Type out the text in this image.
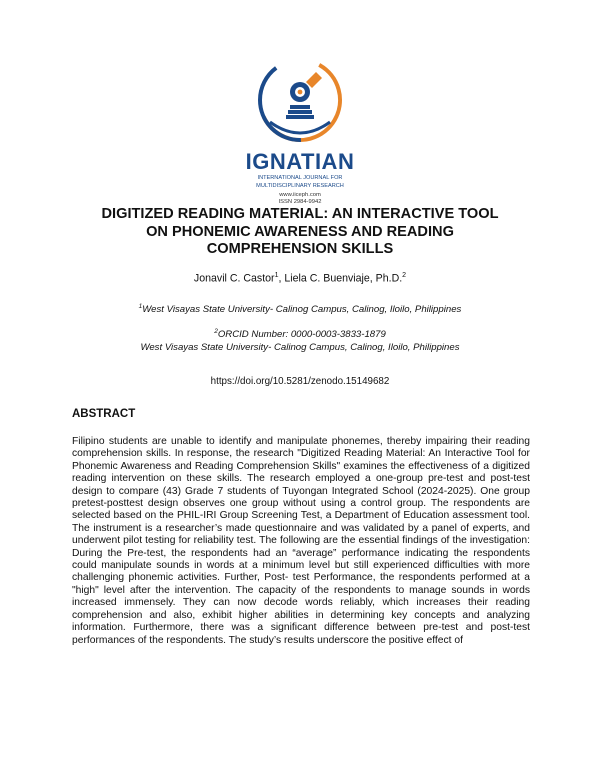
IGNATIAN
INTERNATIONAL JOURNAL FOR
MULTIDISCIPLINARY RESEARCH
www.iiceph.com
ISSN 2984-9942
DIGITIZED READING MATERIAL: AN INTERACTIVE TOOL
ON PHONEMIC AWARENESS AND READING
COMPREHENSION SKILLS
Jonavil C. Castor$^1$, Liela C. Buenviaje, Ph.D.$^2$
$^1$West Visayas State University- Calinog Campus, Calinog, Iloilo, Philippines
$^2$ORCID Number: 0000-0003-3833-1879
West Visayas State University- Calinog Campus, Calinog, Iloilo, Philippines
https://doi.org/10.5281/zenodo.15149682
ABSTRACT

Filipino students are unable to identify and manipulate phonemes, thereby impairing their reading comprehension skills. In response, the research "Digitized Reading Material: An Interactive Tool for Phonemic Awareness and Reading Comprehension Skills" examines the effectiveness of a digitized reading intervention on these skills. The research employed a one-group pre-test and post-test design to compare (43) Grade 7 students of Tuyongan Integrated School (2024-2025). One group pretest-posttest design observes one group without using a control group. The respondents are selected based on the PHIL-IRI Group Screening Test, a Department of Education assessment tool. The instrument is a researcher’s made questionnaire and was validated by a panel of experts, and underwent pilot testing for reliability test. The following are the essential findings of the investigation: During the Pre-test, the respondents had an “average” performance indicating the respondents could manipulate sounds in words at a minimum level but still experienced difficulties with more challenging phonemic activities. Further, Post- test Performance, the respondents performed at a "high" level after the intervention. The capacity of the respondents to manage sounds in words increased immensely. They can now decode words reliably, which increases their reading comprehension and also, exhibit higher abilities in determining key concepts and analyzing information. Furthermore, there was a significant difference between pre-test and post-test performances of the respondents. The study’s results underscore the positive effect of
